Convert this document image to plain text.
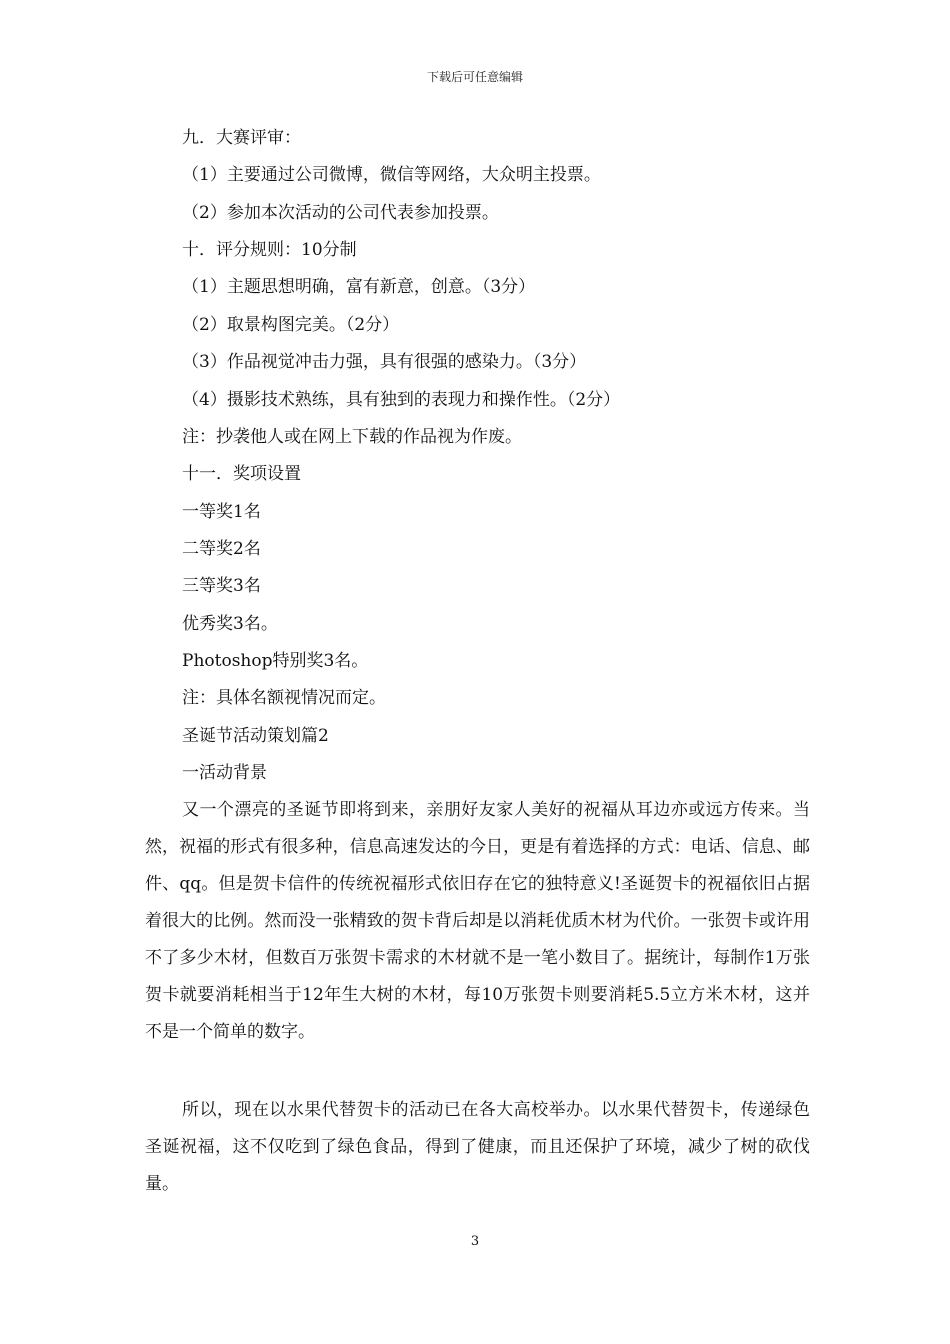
下载后可任意编辑
九．大赛评审：
（1）主要通过公司微博，微信等网络，大众明主投票。
（2）参加本次活动的公司代表参加投票。
十．评分规则：10分制
（1）主题思想明确，富有新意，创意。（3分）
（2）取景构图完美。（2分）
（3）作品视觉冲击力强，具有很强的感染力。（3分）
（4）摄影技术熟练，具有独到的表现力和操作性。（2分）
注：抄袭他人或在网上下载的作品视为作废。
十一．奖项设置
一等奖1名
二等奖2名
三等奖3名
优秀奖3名。
Photoshop特别奖3名。
注：具体名额视情况而定。
圣诞节活动策划篇2
一活动背景
又一个漂亮的圣诞节即将到来，亲朋好友家人美好的祝福从耳边亦或远方传来。当然，祝福的形式有很多种，信息高速发达的今日，更是有着选择的方式：电话、信息、邮件、qq。但是贺卡信件的传统祝福形式依旧存在它的独特意义!圣诞贺卡的祝福依旧占据着很大的比例。然而没一张精致的贺卡背后却是以消耗优质木材为代价。一张贺卡或许用不了多少木材，但数百万张贺卡需求的木材就不是一笔小数目了。据统计，每制作1万张贺卡就要消耗相当于12年生大树的木材，每10万张贺卡则要消耗5.5立方米木材，这并不是一个简单的数字。
所以，现在以水果代替贺卡的活动已在各大高校举办。以水果代替贺卡，传递绿色圣诞祝福，这不仅吃到了绿色食品，得到了健康，而且还保护了环境，减少了树的砍伐量。
3
